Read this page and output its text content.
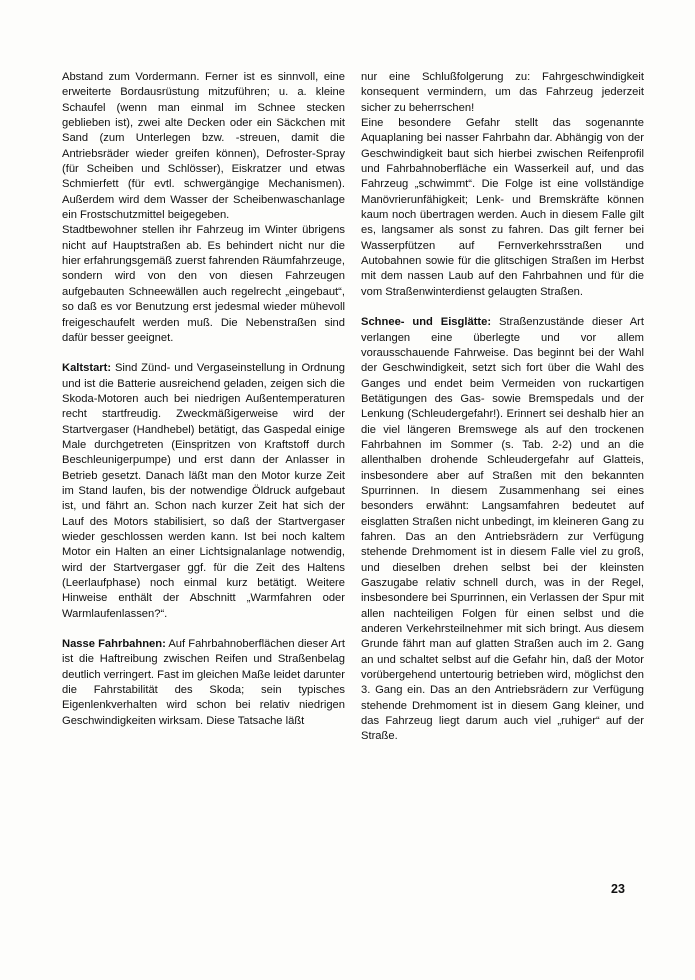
Abstand zum Vordermann. Ferner ist es sinnvoll, eine erweiterte Bordausrüstung mitzuführen; u. a. kleine Schaufel (wenn man einmal im Schnee stecken geblieben ist), zwei alte Decken oder ein Säckchen mit Sand (zum Unterlegen bzw. -streuen, damit die Antriebsräder wieder greifen können), Defroster-Spray (für Scheiben und Schlösser), Eiskratzer und etwas Schmierfett (für evtl. schwergängige Mechanismen). Außerdem wird dem Wasser der Scheibenwaschanlage ein Frostschutzmittel beigegeben.

Stadtbewohner stellen ihr Fahrzeug im Winter übrigens nicht auf Hauptstraßen ab. Es behindert nicht nur die hier erfahrungsgemäß zuerst fahrenden Räumfahrzeuge, sondern wird von den von diesen Fahrzeugen aufgebauten Schneewällen auch regelrecht „eingebaut“, so daß es vor Benutzung erst jedesmal wieder mühevoll freigeschaufelt werden muß. Die Nebenstraßen sind dafür besser geeignet.

Kaltstart: Sind Zünd- und Vergaseinstellung in Ordnung und ist die Batterie ausreichend geladen, zeigen sich die Skoda-Motoren auch bei niedrigen Außentemperaturen recht startfreudig. Zweckmäßigerweise wird der Startvergaser (Handhebel) betätigt, das Gaspedal einige Male durchgetreten (Einspritzen von Kraftstoff durch Beschleunigerpumpe) und erst dann der Anlasser in Betrieb gesetzt. Danach läßt man den Motor kurze Zeit im Stand laufen, bis der notwendige Öldruck aufgebaut ist, und fährt an. Schon nach kurzer Zeit hat sich der Lauf des Motors stabilisiert, so daß der Startvergaser wieder geschlossen werden kann. Ist bei noch kaltem Motor ein Halten an einer Lichtsignalanlage notwendig, wird der Startvergaser ggf. für die Zeit des Haltens (Leerlaufphase) noch einmal kurz betätigt. Weitere Hinweise enthält der Abschnitt „Warmfahren oder Warmlaufenlassen?“.

Nasse Fahrbahnen: Auf Fahrbahnoberflächen dieser Art ist die Haftreibung zwischen Reifen und Straßenbelag deutlich verringert. Fast im gleichen Maße leidet darunter die Fahrstabilität des Skoda; sein typisches Eigenlenkverhalten wird schon bei relativ niedrigen Geschwindigkeiten wirksam. Diese Tatsache läßt

nur eine Schlußfolgerung zu: Fahrgeschwindigkeit konsequent vermindern, um das Fahrzeug jederzeit sicher zu beherrschen!

Eine besondere Gefahr stellt das sogenannte Aquaplaning bei nasser Fahrbahn dar. Abhängig von der Geschwindigkeit baut sich hierbei zwischen Reifenprofil und Fahrbahnoberfläche ein Wasserkeil auf, und das Fahrzeug „schwimmt“. Die Folge ist eine vollständige Manövrierunfähigkeit; Lenk- und Bremskräfte können kaum noch übertragen werden. Auch in diesem Falle gilt es, langsamer als sonst zu fahren. Das gilt ferner bei Wasserpfützen auf Fernverkehrsstraßen und Autobahnen sowie für die glitschigen Straßen im Herbst mit dem nassen Laub auf den Fahrbahnen und für die vom Straßenwinterdienst gelaugten Straßen.

Schnee- und Eisglätte: Straßenzustände dieser Art verlangen eine überlegte und vor allem vorausschauende Fahrweise. Das beginnt bei der Wahl der Geschwindigkeit, setzt sich fort über die Wahl des Ganges und endet beim Vermeiden von ruckartigen Betätigungen des Gas- sowie Bremspedals und der Lenkung (Schleudergefahr!). Erinnert sei deshalb hier an die viel längeren Bremswege als auf den trockenen Fahrbahnen im Sommer (s. Tab. 2-2) und an die allenthalben drohende Schleudergefahr auf Glatteis, insbesondere aber auf Straßen mit den bekannten Spurrinnen. In diesem Zusammenhang sei eines besonders erwähnt: Langsamfahren bedeutet auf eisglatten Straßen nicht unbedingt, im kleineren Gang zu fahren. Das an den Antriebsrädern zur Verfügung stehende Drehmoment ist in diesem Falle viel zu groß, und dieselben drehen selbst bei der kleinsten Gaszugabe relativ schnell durch, was in der Regel, insbesondere bei Spurrinnen, ein Verlassen der Spur mit allen nachteiligen Folgen für einen selbst und die anderen Verkehrsteilnehmer mit sich bringt. Aus diesem Grunde fährt man auf glatten Straßen auch im 2. Gang an und schaltet selbst auf die Gefahr hin, daß der Motor vorübergehend untertourig betrieben wird, möglichst den 3. Gang ein. Das an den Antriebsrädern zur Verfügung stehende Drehmoment ist in diesem Gang kleiner, und das Fahrzeug liegt darum auch viel „ruhiger“ auf der Straße.

23
